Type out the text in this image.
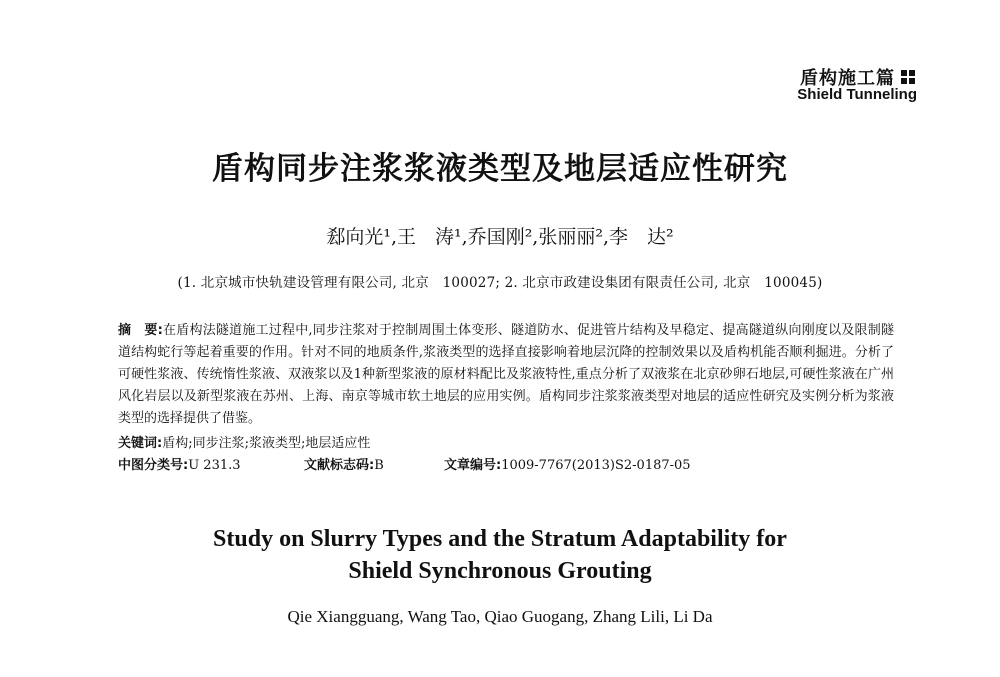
盾构施工篇
Shield Tunneling
盾构同步注浆浆液类型及地层适应性研究
郄向光¹,王　涛¹,乔国刚²,张丽丽²,李　达²
(1. 北京城市快轨建设管理有限公司, 北京　100027; 2. 北京市政建设集团有限责任公司, 北京　100045)

摘　要:在盾构法隧道施工过程中,同步注浆对于控制周围土体变形、隧道防水、促进管片结构及早稳定、提高隧道纵向刚度以及限制隧道结构蛇行等起着重要的作用。针对不同的地质条件,浆液类型的选择直接影响着地层沉降的控制效果以及盾构机能否顺利掘进。分析了可硬性浆液、传统惰性浆液、双液浆以及1种新型浆液的原材料配比及浆液特性,重点分析了双液浆在北京砂卵石地层,可硬性浆液在广州风化岩层以及新型浆液在苏州、上海、南京等城市软土地层的应用实例。盾构同步注浆浆液类型对地层的适应性研究及实例分析为浆液类型的选择提供了借鉴。

关键词:盾构;同步注浆;浆液类型;地层适应性
中图分类号:U 231.3	文献标志码:B	文章编号:1009-7767(2013)S2-0187-05
Study on Slurry Types and the Stratum Adaptability for
Shield Synchronous Grouting
Qie Xiangguang, Wang Tao, Qiao Guogang, Zhang Lili, Li Da
